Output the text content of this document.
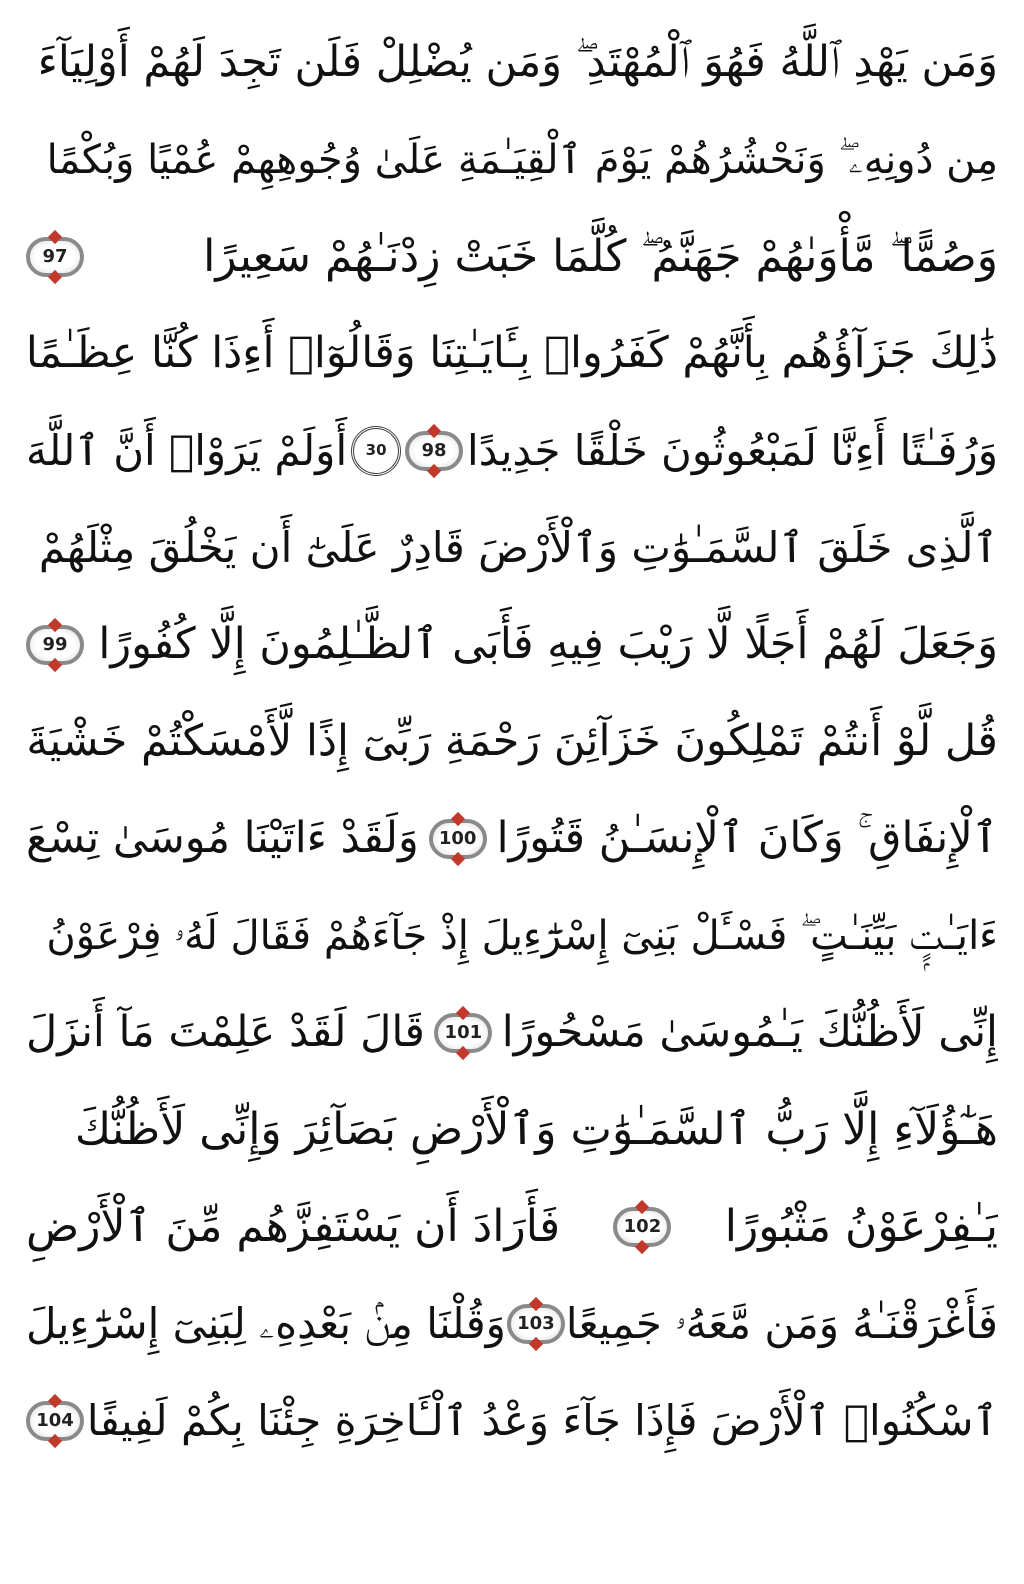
وَمَن يَهْدِ ٱللَّهُ فَهُوَ ٱلْمُهْتَدِ ۖ وَمَن يُضْلِلْ فَلَن تَجِدَ لَهُمْ أَوْلِيَآءَ
مِن دُونِهِۦ ۖ وَنَحْشُرُهُمْ يَوْمَ ٱلْقِيَـٰمَةِ عَلَىٰ وُجُوهِهِمْ عُمْيًا وَبُكْمًا
وَصُمًّا ۖ مَّأْوَىٰهُمْ جَهَنَّمُ ۖ كُلَّمَا خَبَتْ زِدْنَـٰهُمْ سَعِيرًا
97
ذَٰلِكَ جَزَآؤُهُم بِأَنَّهُمْ كَفَرُوا۟ بِـَٔايَـٰتِنَا وَقَالُوٓا۟ أَءِذَا كُنَّا عِظَـٰمًا
وَرُفَـٰتًا أَءِنَّا لَمَبْعُوثُونَ خَلْقًا جَدِيدًا
98
30
أَوَلَمْ يَرَوْا۟ أَنَّ ٱللَّهَ
ٱلَّذِى خَلَقَ ٱلسَّمَـٰوَٰتِ وَٱلْأَرْضَ قَادِرٌ عَلَىٰٓ أَن يَخْلُقَ مِثْلَهُمْ
وَجَعَلَ لَهُمْ أَجَلًا لَّا رَيْبَ فِيهِ فَأَبَى ٱلظَّـٰلِمُونَ إِلَّا كُفُورًا
99
قُل لَّوْ أَنتُمْ تَمْلِكُونَ خَزَآئِنَ رَحْمَةِ رَبِّىٓ إِذًا لَّأَمْسَكْتُمْ خَشْيَةَ
ٱلْإِنفَاقِ ۚ وَكَانَ ٱلْإِنسَـٰنُ قَتُورًا
100
وَلَقَدْ ءَاتَيْنَا مُوسَىٰ تِسْعَ
ءَايَـٰتٍۭ بَيِّنَـٰتٍ ۖ فَسْـَٔلْ بَنِىٓ إِسْرَٰٓءِيلَ إِذْ جَآءَهُمْ فَقَالَ لَهُۥ فِرْعَوْنُ
إِنِّى لَأَظُنُّكَ يَـٰمُوسَىٰ مَسْحُورًا
101
قَالَ لَقَدْ عَلِمْتَ مَآ أَنزَلَ
هَـٰٓؤُلَآءِ إِلَّا رَبُّ ٱلسَّمَـٰوَٰتِ وَٱلْأَرْضِ بَصَآئِرَ وَإِنِّى لَأَظُنُّكَ
يَـٰفِرْعَوْنُ مَثْبُورًا
102
فَأَرَادَ أَن يَسْتَفِزَّهُم مِّنَ ٱلْأَرْضِ
فَأَغْرَقْنَـٰهُ وَمَن مَّعَهُۥ جَمِيعًا
103
وَقُلْنَا مِنۢ بَعْدِهِۦ لِبَنِىٓ إِسْرَٰٓءِيلَ
ٱسْكُنُوا۟ ٱلْأَرْضَ فَإِذَا جَآءَ وَعْدُ ٱلْـَٔاخِرَةِ جِئْنَا بِكُمْ لَفِيفًا
104
